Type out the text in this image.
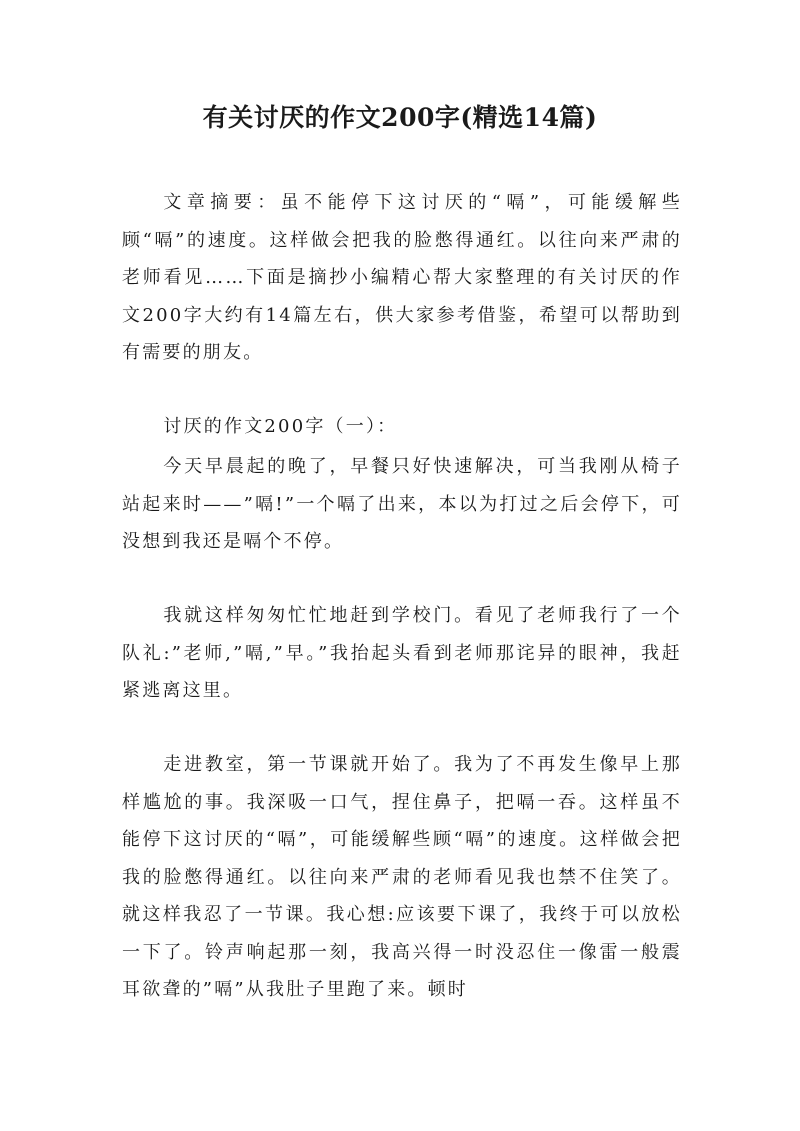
有关讨厌的作文200字(精选14篇)
文章摘要：虽不能停下这讨厌的“嗝”，可能缓解些顾“嗝”的速度。这样做会把我的脸憋得通红。以往向来严肃的老师看见……下面是摘抄小编精心帮大家整理的有关讨厌的作文200字大约有14篇左右，供大家参考借鉴，希望可以帮助到有需要的朋友。
讨厌的作文200字（一）：
今天早晨起的晚了，早餐只好快速解决，可当我刚从椅子站起来时——”嗝!”一个嗝了出来，本以为打过之后会停下，可没想到我还是嗝个不停。
我就这样匆匆忙忙地赶到学校门。看见了老师我行了一个队礼:”老师,”嗝,”早。”我抬起头看到老师那诧异的眼神，我赶紧逃离这里。
走进教室，第一节课就开始了。我为了不再发生像早上那样尴尬的事。我深吸一口气，捏住鼻子，把嗝一吞。这样虽不能停下这讨厌的“嗝”，可能缓解些顾“嗝”的速度。这样做会把我的脸憋得通红。以往向来严肃的老师看见我也禁不住笑了。就这样我忍了一节课。我心想:应该要下课了，我终于可以放松一下了。铃声响起那一刻，我高兴得一时没忍住一像雷一般震耳欲聋的”嗝”从我肚子里跑了来。顿时
